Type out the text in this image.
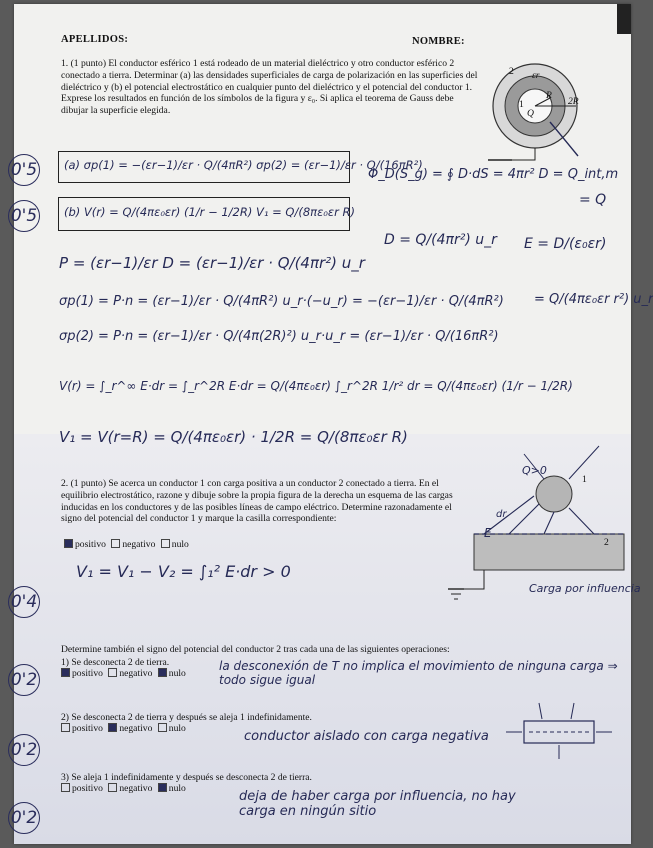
APELLIDOS:	NOMBRE:
1. (1 punto) El conductor esférico 1 está rodeado de un material dieléctrico y otro conductor esférico 2 conectado a tierra. Determinar (a) las densidades superficiales de carga de polarización en las superficies del dieléctrico y (b) el potencial electrostático en cualquier punto del dieléctrico y el potencial del conductor 1. Exprese los resultados en función de los símbolos de la figura y ε₀. Si aplica el teorema de Gauss debe dibujar la superficie elegida.
2 εr
1
R
Q
2R
(a) σp(1) = −(εr−1)/εr · Q/(4πR²) σp(2) = (εr−1)/εr · Q/(16πR²)
(b) V(r) = Q/(4πε₀εr) (1/r − 1/2R) V₁ = Q/(8πε₀εr R)
Φ_D(S_g) = ∮ D·dS = 4πr² D = Q_int,m
= Q
D = Q/(4πr²) u_r E = D/(ε₀εr)
= Q/(4πε₀εr r²) u_r
P = (εr−1)/εr D = (εr−1)/εr · Q/(4πr²) u_r
σp(1) = P·n = (εr−1)/εr · Q/(4πR²) u_r·(−u_r) = −(εr−1)/εr · Q/(4πR²)
σp(2) = P·n = (εr−1)/εr · Q/(4π(2R)²) u_r·u_r = (εr−1)/εr · Q/(16πR²)
V(r) = ∫_r^∞ E·dr = ∫_r^2R E·dr = Q/(4πε₀εr) ∫_r^2R 1/r² dr = Q/(4πε₀εr) (1/r − 1/2R)
V₁ = V(r=R) = Q/(4πε₀εr) · 1/2R = Q/(8πε₀εr R)
2. (1 punto) Se acerca un conductor 1 con carga positiva a un conductor 2 conectado a tierra. En el equilibrio electrostático, razone y dibuje sobre la propia figura de la derecha un esquema de las cargas inducidas en los conductores y de las posibles líneas de campo eléctrico. Determine razonadamente el signo del potencial del conductor 1 y marque la casilla correspondiente:
positivo negativo nulo
V₁ = V₁ − V₂ = ∫₁² E·dr > 0
Q>0
1
2
dr
E
Carga por influencia
Determine también el signo del potencial del conductor 2 tras cada una de las siguientes operaciones:
1) Se desconecta 2 de tierra.
positivo negativo nulo
la desconexión de T no implica el movimiento de ninguna carga ⇒ todo sigue igual
2) Se desconecta 2 de tierra y después se aleja 1 indefinidamente.
positivo negativo nulo
conductor aislado con carga negativa
3) Se aleja 1 indefinidamente y después se desconecta 2 de tierra.
positivo negativo nulo
deja de haber carga por influencia, no hay carga en ningún sitio
0'5
0'5
0'4
0'2
0'2
0'2
